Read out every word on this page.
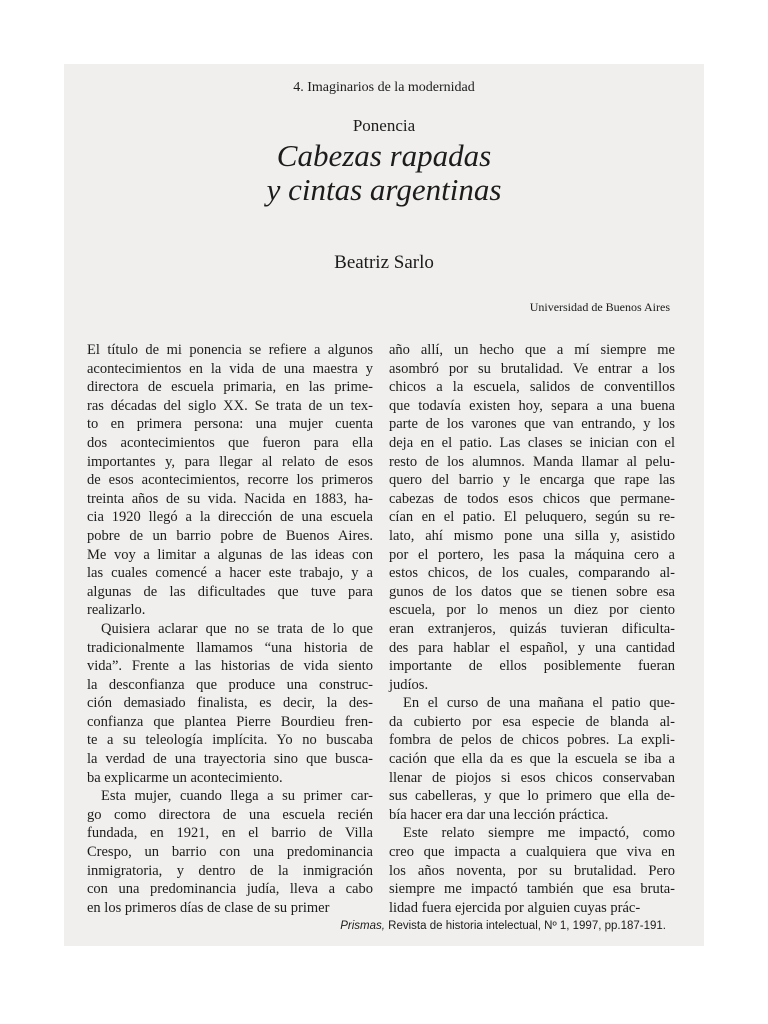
4. Imaginarios de la modernidad
Ponencia
Cabezas rapadas
y cintas argentinas
Beatriz Sarlo
Universidad de Buenos Aires
El título de mi ponencia se refiere a algunos
acontecimientos en la vida de una maestra y
directora de escuela primaria, en las prime-
ras décadas del siglo XX. Se trata de un tex-
to en primera persona: una mujer cuenta
dos acontecimientos que fueron para ella
importantes y, para llegar al relato de esos
de esos acontecimientos, recorre los primeros
treinta años de su vida. Nacida en 1883, ha-
cia 1920 llegó a la dirección de una escuela
pobre de un barrio pobre de Buenos Aires.
Me voy a limitar a algunas de las ideas con
las cuales comencé a hacer este trabajo, y a
algunas de las dificultades que tuve para
realizarlo.
Quisiera aclarar que no se trata de lo que
tradicionalmente llamamos “una historia de
vida”. Frente a las historias de vida siento
la desconfianza que produce una construc-
ción demasiado finalista, es decir, la des-
confianza que plantea Pierre Bourdieu fren-
te a su teleología implícita. Yo no buscaba
la verdad de una trayectoria sino que busca-
ba explicarme un acontecimiento.
Esta mujer, cuando llega a su primer car-
go como directora de una escuela recién
fundada, en 1921, en el barrio de Villa
Crespo, un barrio con una predominancia
inmigratoria, y dentro de la inmigración
con una predominancia judía, lleva a cabo
en los primeros días de clase de su primer
año allí, un hecho que a mí siempre me
asombró por su brutalidad. Ve entrar a los
chicos a la escuela, salidos de conventillos
que todavía existen hoy, separa a una buena
parte de los varones que van entrando, y los
deja en el patio. Las clases se inician con el
resto de los alumnos. Manda llamar al pelu-
quero del barrio y le encarga que rape las
cabezas de todos esos chicos que permane-
cían en el patio. El peluquero, según su re-
lato, ahí mismo pone una silla y, asistido
por el portero, les pasa la máquina cero a
estos chicos, de los cuales, comparando al-
gunos de los datos que se tienen sobre esa
escuela, por lo menos un diez por ciento
eran extranjeros, quizás tuvieran dificulta-
des para hablar el español, y una cantidad
importante de ellos posiblemente fueran
judíos.
En el curso de una mañana el patio que-
da cubierto por esa especie de blanda al-
fombra de pelos de chicos pobres. La expli-
cación que ella da es que la escuela se iba a
llenar de piojos si esos chicos conservaban
sus cabelleras, y que lo primero que ella de-
bía hacer era dar una lección práctica.
Este relato siempre me impactó, como
creo que impacta a cualquiera que viva en
los años noventa, por su brutalidad. Pero
siempre me impactó también que esa bruta-
lidad fuera ejercida por alguien cuyas prác-
Prismas, Revista de historia intelectual, Nº 1, 1997, pp.187-191.
